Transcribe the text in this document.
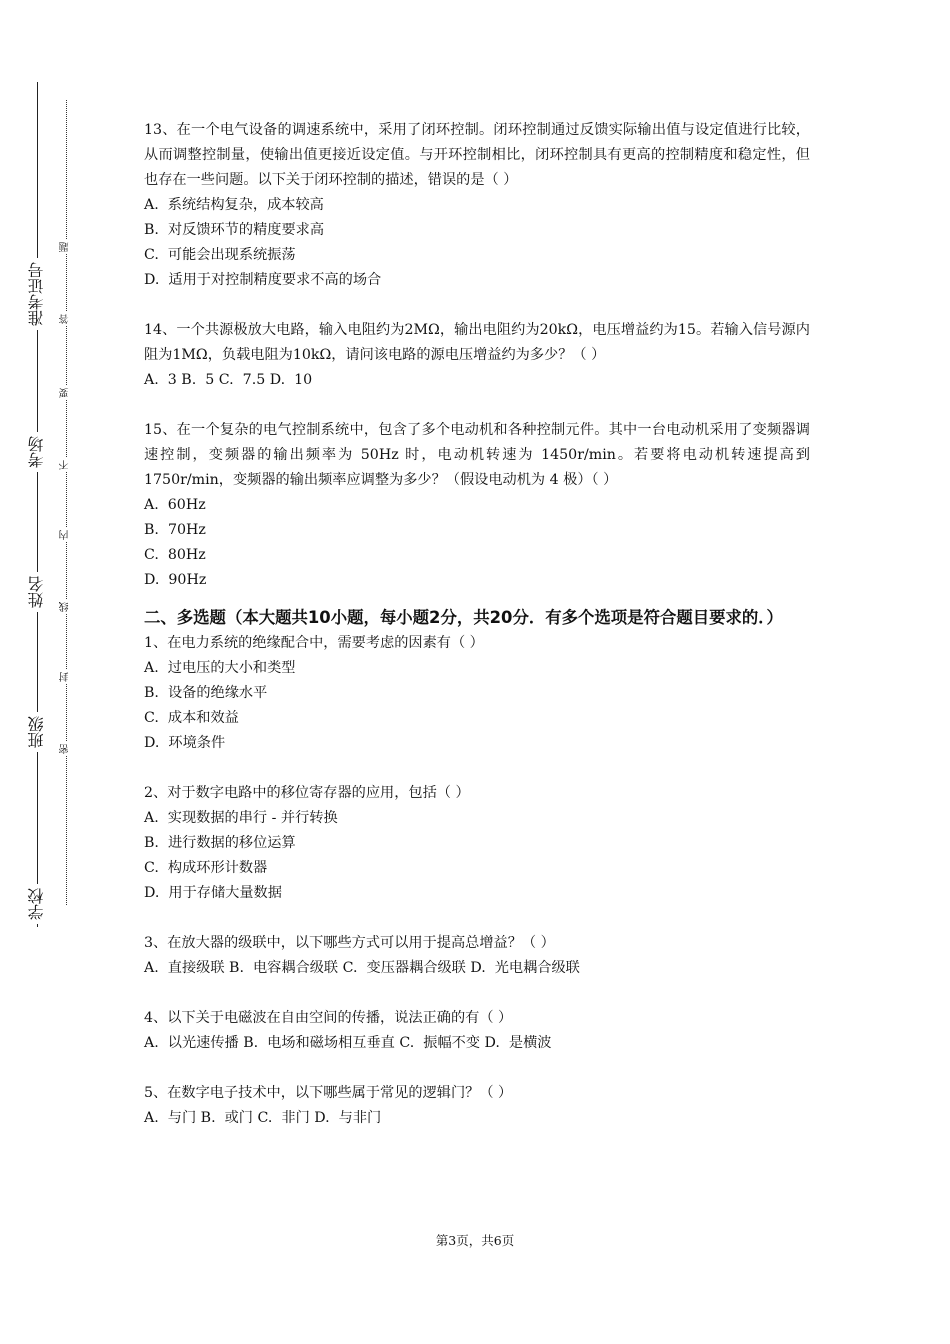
准考证号
考场
姓名
班级
学校
题
答
要
不
内
线
封
密
13、在一个电气设备的调速系统中，采用了闭环控制。闭环控制通过反馈实际输出值与设定值进行比较，从而调整控制量，使输出值更接近设定值。与开环控制相比，闭环控制具有更高的控制精度和稳定性，但也存在一些问题。以下关于闭环控制的描述，错误的是（ ）
A.  系统结构复杂，成本较高
B.  对反馈环节的精度要求高
C.  可能会出现系统振荡
D.  适用于对控制精度要求不高的场合
14、一个共源极放大电路，输入电阻约为2MΩ，输出电阻约为20kΩ，电压增益约为15。若输入信号源内阻为1MΩ，负载电阻为10kΩ，请问该电路的源电压增益约为多少？（ ）
A.  3 B.  5 C.  7.5 D.  10
15、在一个复杂的电气控制系统中，包含了多个电动机和各种控制元件。其中一台电动机采用了变频器调速控制，变频器的输出频率为 50Hz 时，电动机转速为 1450r/min。若要将电动机转速提高到 1750r/min，变频器的输出频率应调整为多少？（假设电动机为 4 极）（ ）
A.  60Hz
B.  70Hz
C.  80Hz
D.  90Hz
二、多选题（本大题共10小题，每小题2分，共20分．有多个选项是符合题目要求的．）
1、在电力系统的绝缘配合中，需要考虑的因素有（ ）
A.  过电压的大小和类型
B.  设备的绝缘水平
C.  成本和效益
D.  环境条件
2、对于数字电路中的移位寄存器的应用，包括（ ）
A.  实现数据的串行 - 并行转换
B.  进行数据的移位运算
C.  构成环形计数器
D.  用于存储大量数据
3、在放大器的级联中，以下哪些方式可以用于提高总增益？（ ）
A.  直接级联 B.  电容耦合级联 C.  变压器耦合级联 D.  光电耦合级联
4、以下关于电磁波在自由空间的传播，说法正确的有（ ）
A.  以光速传播 B.  电场和磁场相互垂直 C.  振幅不变 D.  是横波
5、在数字电子技术中，以下哪些属于常见的逻辑门？（ ）
A.  与门 B.  或门 C.  非门 D.  与非门
第3页，共6页
